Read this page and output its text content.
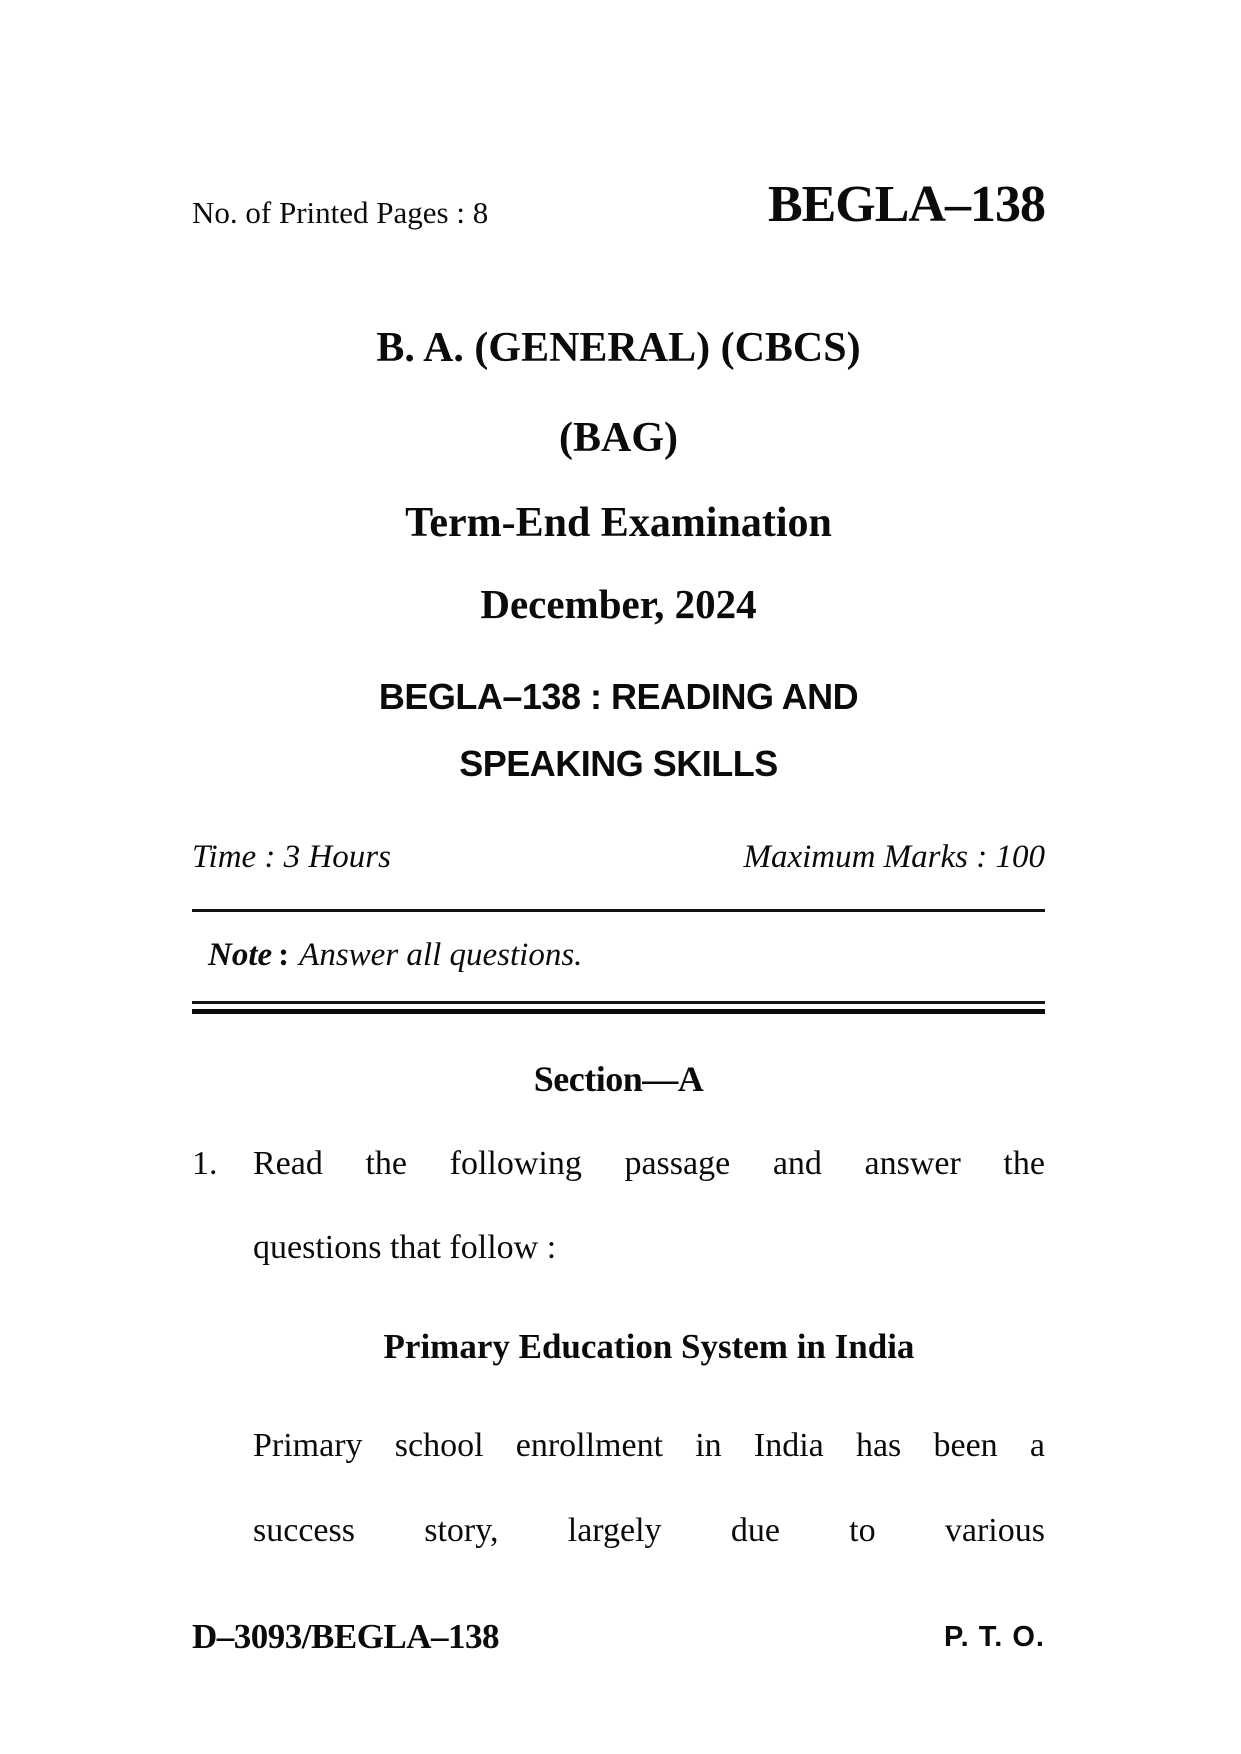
No. of Printed Pages : 8	BEGLA–138
B. A. (GENERAL) (CBCS)
(BAG)
Term-End Examination
December, 2024
BEGLA–138 : READING AND
SPEAKING SKILLS
Time : 3 Hours	Maximum Marks : 100
Note : Answer all questions.
Section—A
1. Read the following passage and answer the
questions that follow :
Primary Education System in India
Primary school enrollment in India has been a
success story, largely due to various
D–3093/BEGLA–138	P. T. O.
